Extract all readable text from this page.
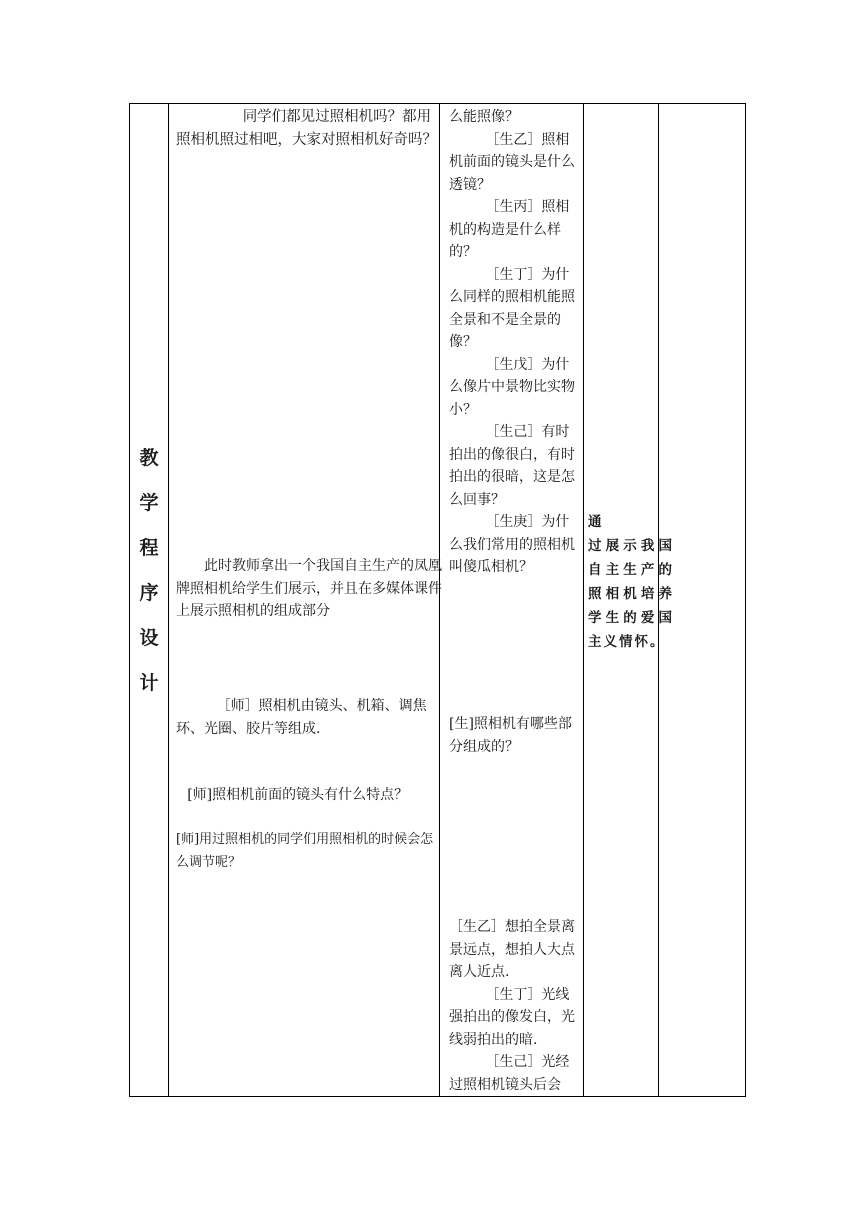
教
学
程
序
设
计
同学们都见过照相机吗？都用照相机照过相吧，大家对照相机好奇吗？
此时教师拿出一个我国自主生产的凤凰牌照相机给学生们展示，并且在多媒体课件上展示照相机的组成部分
［师］照相机由镜头、机箱、调焦环、光圈、胶片等组成.
[师]照相机前面的镜头有什么特点？
[师]用过照相机的同学们用照相机的时候会怎么调节呢？
么能照像？
［生乙］照相机前面的镜头是什么透镜？
［生丙］照相机的构造是什么样的？
［生丁］为什么同样的照相机能照全景和不是全景的像？
［生戊］为什么像片中景物比实物小？
［生己］有时拍出的像很白，有时拍出的很暗，这是怎么回事？
［生庚］为什么我们常用的照相机叫傻瓜相机？
[生]照相机有哪些部分组成的？
［生乙］想拍全景离景远点，想拍人大点离人近点.
［生丁］光线强拍出的像发白，光线弱拍出的暗.
［生己］光经过照相机镜头后会
通
过展示我国自主生产的照相机培养学生的爱国主义情怀。
